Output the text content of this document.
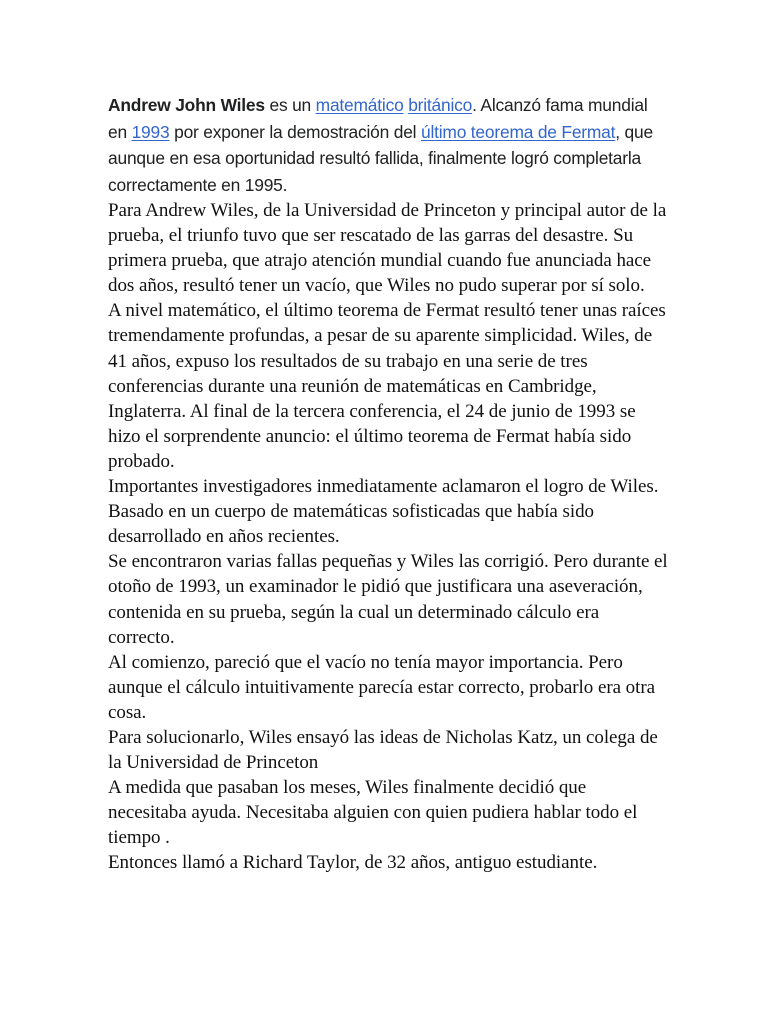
Andrew John Wiles es un matemático británico. Alcanzó fama mundial en 1993 por exponer la demostración del último teorema de Fermat, que aunque en esa oportunidad resultó fallida, finalmente logró completarla correctamente en 1995.

Para Andrew Wiles, de la Universidad de Princeton y principal autor de la prueba, el triunfo tuvo que ser rescatado de las garras del desastre. Su primera prueba, que atrajo atención mundial cuando fue anunciada hace dos años, resultó tener un vacío, que Wiles no pudo superar por sí solo.

A nivel matemático, el último teorema de Fermat resultó tener unas raíces tremendamente profundas, a pesar de su aparente simplicidad. Wiles, de 41 años, expuso los resultados de su trabajo en una serie de tres conferencias durante una reunión de matemáticas en Cambridge, Inglaterra. Al final de la tercera conferencia, el 24 de junio de 1993 se hizo el sorprendente anuncio: el último teorema de Fermat había sido probado.

Importantes investigadores inmediatamente aclamaron el logro de Wiles. Basado en un cuerpo de matemáticas sofisticadas que había sido desarrollado en años recientes.

Se encontraron varias fallas pequeñas y Wiles las corrigió. Pero durante el otoño de 1993, un examinador le pidió que justificara una aseveración, contenida en su prueba, según la cual un determinado cálculo era correcto.

Al comienzo, pareció que el vacío no tenía mayor importancia. Pero aunque el cálculo intuitivamente parecía estar correcto, probarlo era otra cosa.

Para solucionarlo, Wiles ensayó las ideas de Nicholas Katz, un colega de la Universidad de Princeton

A medida que pasaban los meses, Wiles finalmente decidió que necesitaba ayuda. Necesitaba alguien con quien pudiera hablar todo el tiempo .

Entonces llamó a Richard Taylor, de 32 años, antiguo estudiante.
